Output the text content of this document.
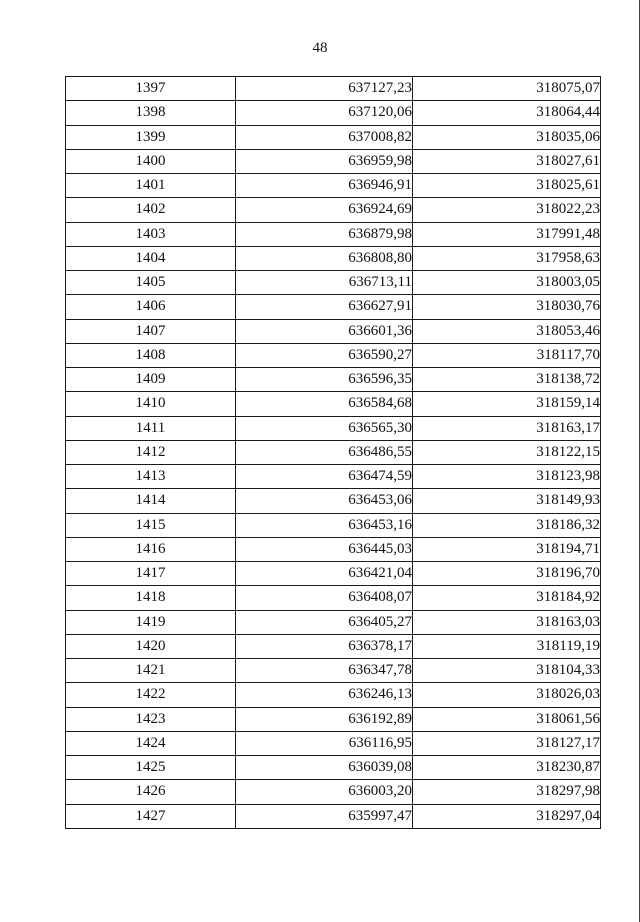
48
1397	637127,23	318075,07
1398	637120,06	318064,44
1399	637008,82	318035,06
1400	636959,98	318027,61
1401	636946,91	318025,61
1402	636924,69	318022,23
1403	636879,98	317991,48
1404	636808,80	317958,63
1405	636713,11	318003,05
1406	636627,91	318030,76
1407	636601,36	318053,46
1408	636590,27	318117,70
1409	636596,35	318138,72
1410	636584,68	318159,14
1411	636565,30	318163,17
1412	636486,55	318122,15
1413	636474,59	318123,98
1414	636453,06	318149,93
1415	636453,16	318186,32
1416	636445,03	318194,71
1417	636421,04	318196,70
1418	636408,07	318184,92
1419	636405,27	318163,03
1420	636378,17	318119,19
1421	636347,78	318104,33
1422	636246,13	318026,03
1423	636192,89	318061,56
1424	636116,95	318127,17
1425	636039,08	318230,87
1426	636003,20	318297,98
1427	635997,47	318297,04
